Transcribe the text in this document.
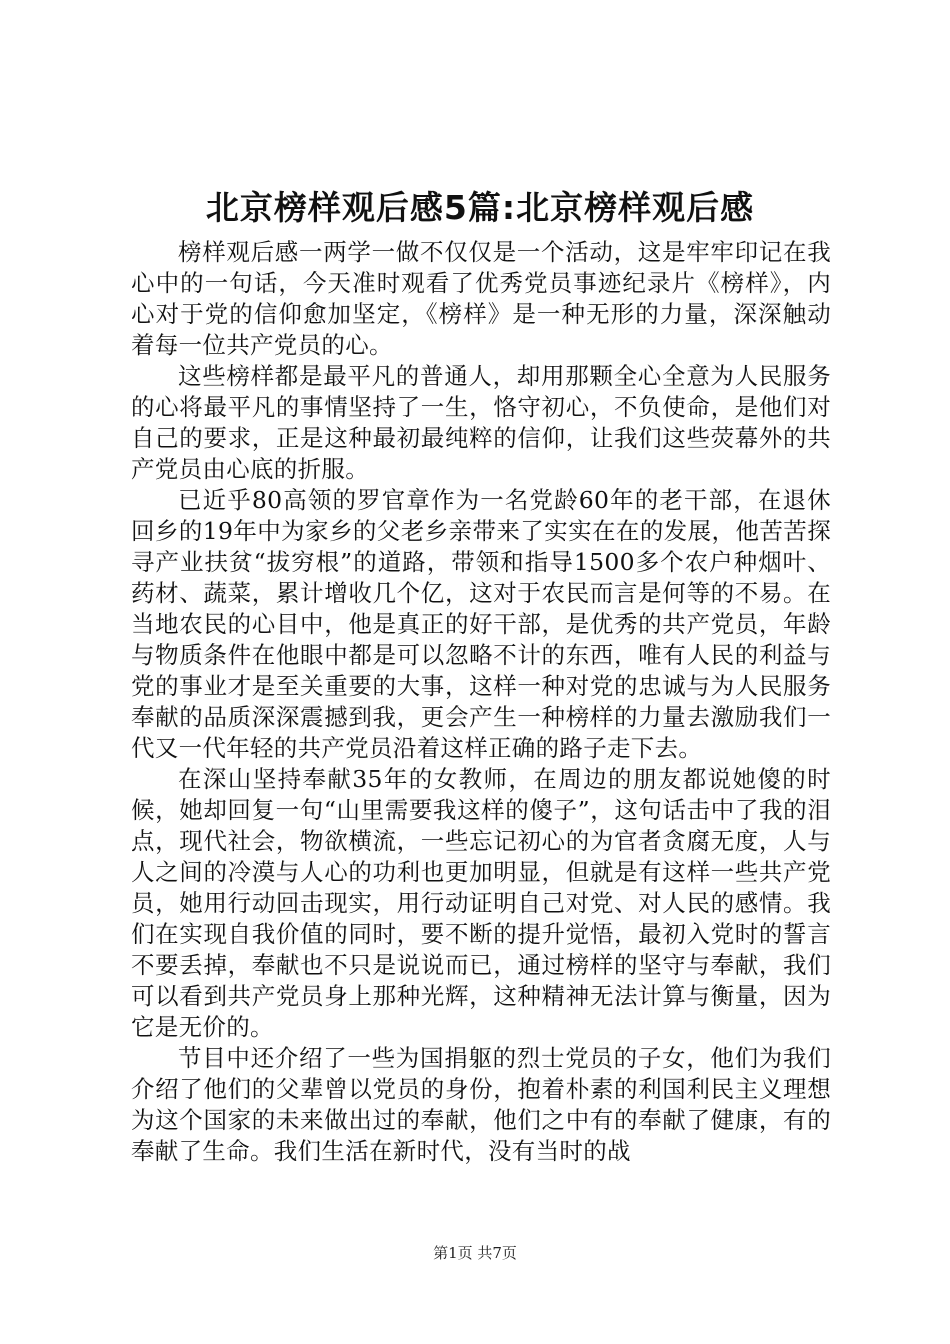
北京榜样观后感5篇:北京榜样观后感

榜样观后感一两学一做不仅仅是一个活动，这是牢牢印记在我心中的一句话，今天准时观看了优秀党员事迹纪录片《榜样》，内心对于党的信仰愈加坚定，《榜样》是一种无形的力量，深深触动着每一位共产党员的心。

这些榜样都是最平凡的普通人，却用那颗全心全意为人民服务的心将最平凡的事情坚持了一生，恪守初心，不负使命，是他们对自己的要求，正是这种最初最纯粹的信仰，让我们这些荧幕外的共产党员由心底的折服。

已近乎80高领的罗官章作为一名党龄60年的老干部，在退休回乡的19年中为家乡的父老乡亲带来了实实在在的发展，他苦苦探寻产业扶贫“拔穷根”的道路，带领和指导1500多个农户种烟叶、药材、蔬菜，累计增收几个亿，这对于农民而言是何等的不易。在当地农民的心目中，他是真正的好干部，是优秀的共产党员，年龄与物质条件在他眼中都是可以忽略不计的东西，唯有人民的利益与党的事业才是至关重要的大事，这样一种对党的忠诚与为人民服务奉献的品质深深震撼到我，更会产生一种榜样的力量去激励我们一代又一代年轻的共产党员沿着这样正确的路子走下去。

在深山坚持奉献35年的女教师，在周边的朋友都说她傻的时候，她却回复一句“山里需要我这样的傻子”，这句话击中了我的泪点，现代社会，物欲横流，一些忘记初心的为官者贪腐无度，人与人之间的冷漠与人心的功利也更加明显，但就是有这样一些共产党员，她用行动回击现实，用行动证明自己对党、对人民的感情。我们在实现自我价值的同时，要不断的提升觉悟，最初入党时的誓言不要丢掉，奉献也不只是说说而已，通过榜样的坚守与奉献，我们可以看到共产党员身上那种光辉，这种精神无法计算与衡量，因为它是无价的。

节目中还介绍了一些为国捐躯的烈士党员的子女，他们为我们介绍了他们的父辈曾以党员的身份，抱着朴素的利国利民主义理想为这个国家的未来做出过的奉献，他们之中有的奉献了健康，有的奉献了生命。我们生活在新时代，没有当时的战

第1页 共7页
